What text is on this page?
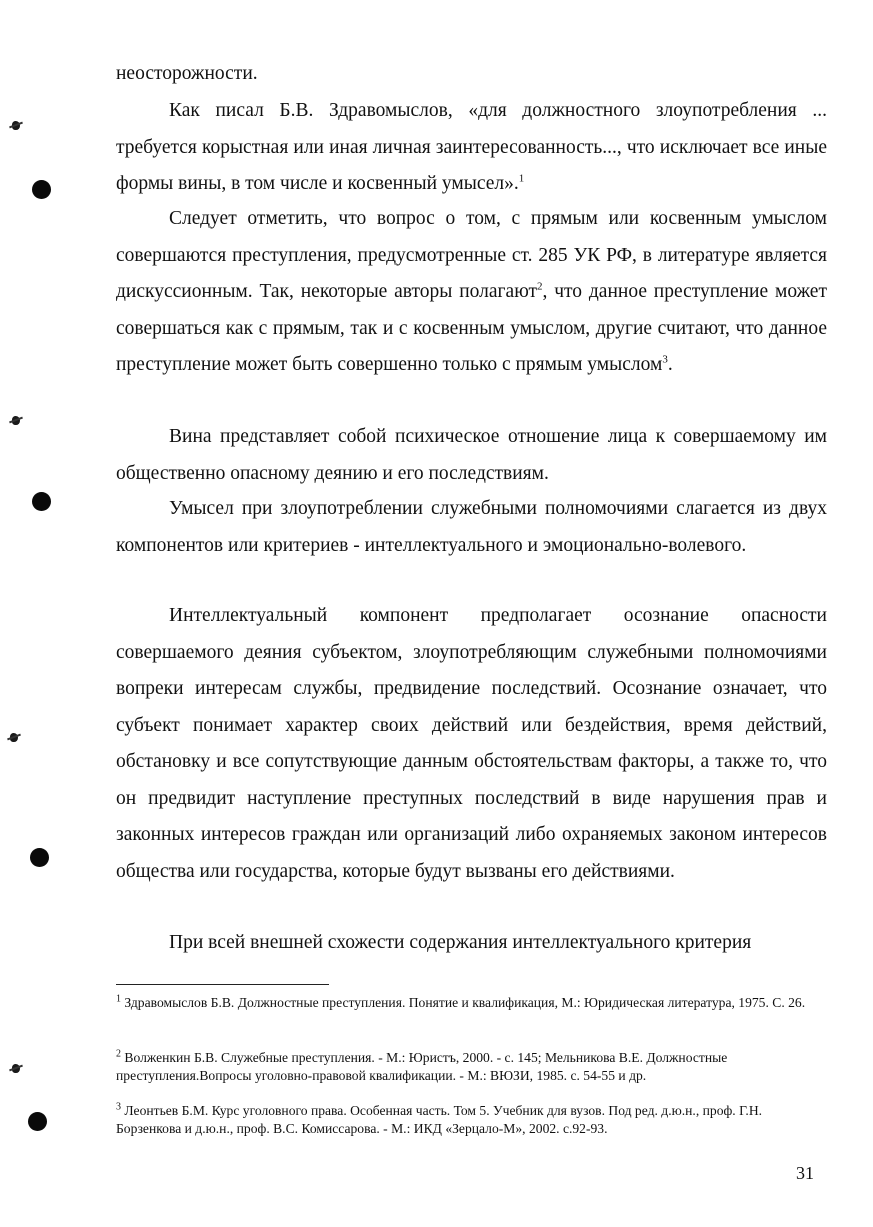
неосторожности.

Как писал Б.В. Здравомыслов, «для должностного злоупотребления ... требуется корыстная или иная личная заинтересованность..., что исключает все иные формы вины, в том числе и косвенный умысел».$^1$

Следует отметить, что вопрос о том, с прямым или косвенным умыслом совершаются преступления, предусмотренные ст. 285 УК РФ, в литературе является дискуссионным. Так, некоторые авторы полагают$^2$, что данное преступление может совершаться как с прямым, так и с косвенным умыслом, другие считают, что данное преступление может быть совершенно только с прямым умыслом$^3$.

Вина представляет собой психическое отношение лица к совершаемому им общественно опасному деянию и его последствиям.

Умысел при злоупотреблении служебными полномочиями слагается из двух компонентов или критериев - интеллектуального и эмоционально-волевого.

Интеллектуальный компонент предполагает осознание опасности совершаемого деяния субъектом, злоупотребляющим служебными полномочиями вопреки интересам службы, предвидение последствий. Осознание означает, что субъект понимает характер своих действий или бездействия, время действий, обстановку и все сопутствующие данным обстоятельствам факторы, а также то, что он предвидит наступление преступных последствий в виде нарушения прав и законных интересов граждан или организаций либо охраняемых законом интересов общества или государства, которые будут вызваны его действиями.

При всей внешней схожести содержания интеллектуального критерия

$^1$ Здравомыслов Б.В. Должностные преступления. Понятие и квалификация, М.: Юридическая литература, 1975. С. 26.

$^2$ Волженкин Б.В. Служебные преступления. - М.: Юристъ, 2000. - с. 145; Мельникова В.Е. Должностные преступления.Вопросы уголовно-правовой квалификации. - М.: ВЮЗИ, 1985. с. 54-55 и др.

$^3$ Леонтьев Б.М. Курс уголовного права. Особенная часть. Том 5. Учебник для вузов. Под ред. д.ю.н., проф. Г.Н. Борзенкова и д.ю.н., проф. В.С. Комиссарова. - М.: ИКД «Зерцало-М», 2002. с.92-93.

31
